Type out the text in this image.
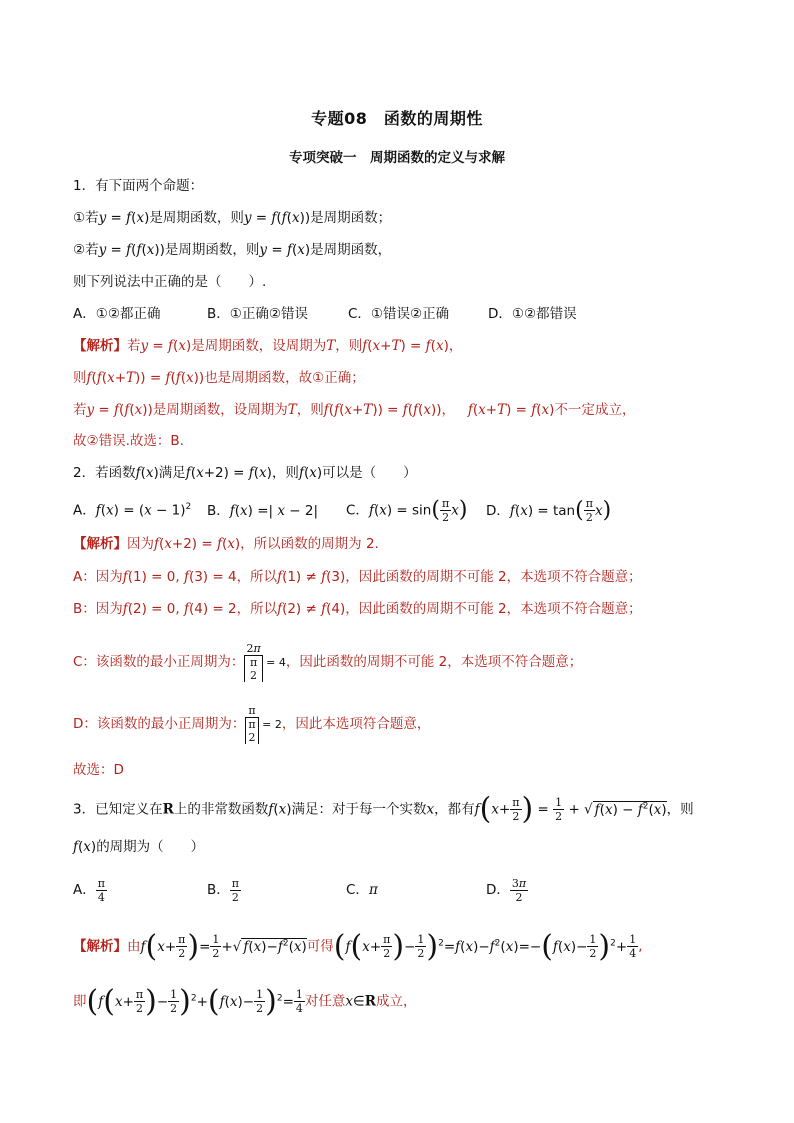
专题08　函数的周期性
专项突破一　周期函数的定义与求解
1．有下面两个命题：
①若y = f(x)是周期函数，则y = f(f(x))是周期函数；
②若y = f(f(x))是周期函数，则y = f(x)是周期函数，
则下列说法中正确的是（　　）.
A．①②都正确	B．①正确②错误	C．①错误②正确	D．①②都错误
【解析】若y = f(x)是周期函数，设周期为T，则f(x+T) = f(x)，
则f(f(x+T)) = f(f(x))也是周期函数，故①正确；
若y = f(f(x))是周期函数，设周期为T，则f(f(x+T)) = f(f(x))， f(x+T) = f(x)不一定成立，
故②错误.故选：B.
2．若函数f(x)满足f(x+2) = f(x)，则f(x)可以是（　　）
A．$f(x) = (x - 1)^2$ B．f(x) =| x − 2| C．$f(x) = \sin( \frac{\pi}{2} x)$ D．$f(x) = \tan( \frac{\pi}{2} x)$
【解析】因为f(x+2) = f(x)，所以函数的周期为 2.
A：因为f(1) = 0, f(3) = 4，所以f(1) ≠ f(3)，因此函数的周期不可能 2，本选项不符合题意；
B：因为f(2) = 0, f(4) = 2，所以f(2) ≠ f(4)，因此函数的周期不可能 2，本选项不符合题意；
C：该函数的最小正周期为：
2π
π
2
= 4，因此函数的周期不可能 2，本选项不符合题意；
D：该函数的最小正周期为：
π
π
2
= 2，因此本选项符合题意，
故选：D
3．已知定义在R上的非常数函数f(x)满足：对于每一个实数x，都有$f(x+ \frac{\pi}{2}$ ) = $\frac{1}{2}$ + √ $f(x) - f^2(x)$，则
f(x)的周期为（　　）
A． $\frac{\pi}{4}$	B． $\frac{\pi}{2}$	C．π	D． $\frac{3\pi}{2}$
【解析】由$f(x+ \frac{\pi}{2}$ )= $\frac{1}{2}$ +√ $f(x)-f^2(x)$可得($f(x+ \frac{\pi}{2}$ )− $\frac{1}{2} )^2=f(x)-f^2(x)=-(f(x)- \frac{1}{2} )^2+ \frac{1}{4}$ ,
即($f(x+ \frac{\pi}{2}$ )− $\frac{1}{2} )^2+(f(x)- \frac{1}{2} )^2= \frac{1}{4}$ 对任意x∈R成立，
